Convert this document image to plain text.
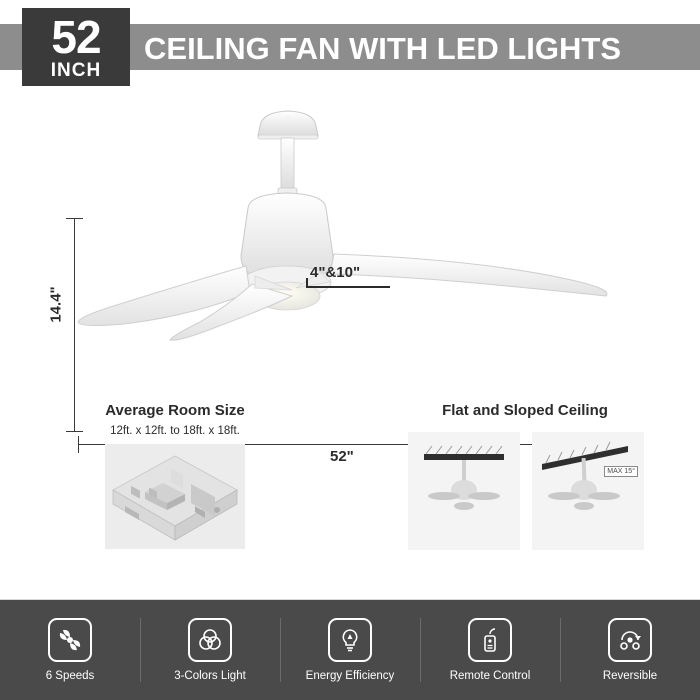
52
INCH
CEILING FAN WITH LED LIGHTS
14.4"
52"
4"&10"
Average Room Size
12ft. x 12ft. to 18ft. x 18ft.
Flat and Sloped Ceiling
MAX 15°
6 Speeds	3-Colors Light	Energy Efficiency	Remote Control	Reversible
